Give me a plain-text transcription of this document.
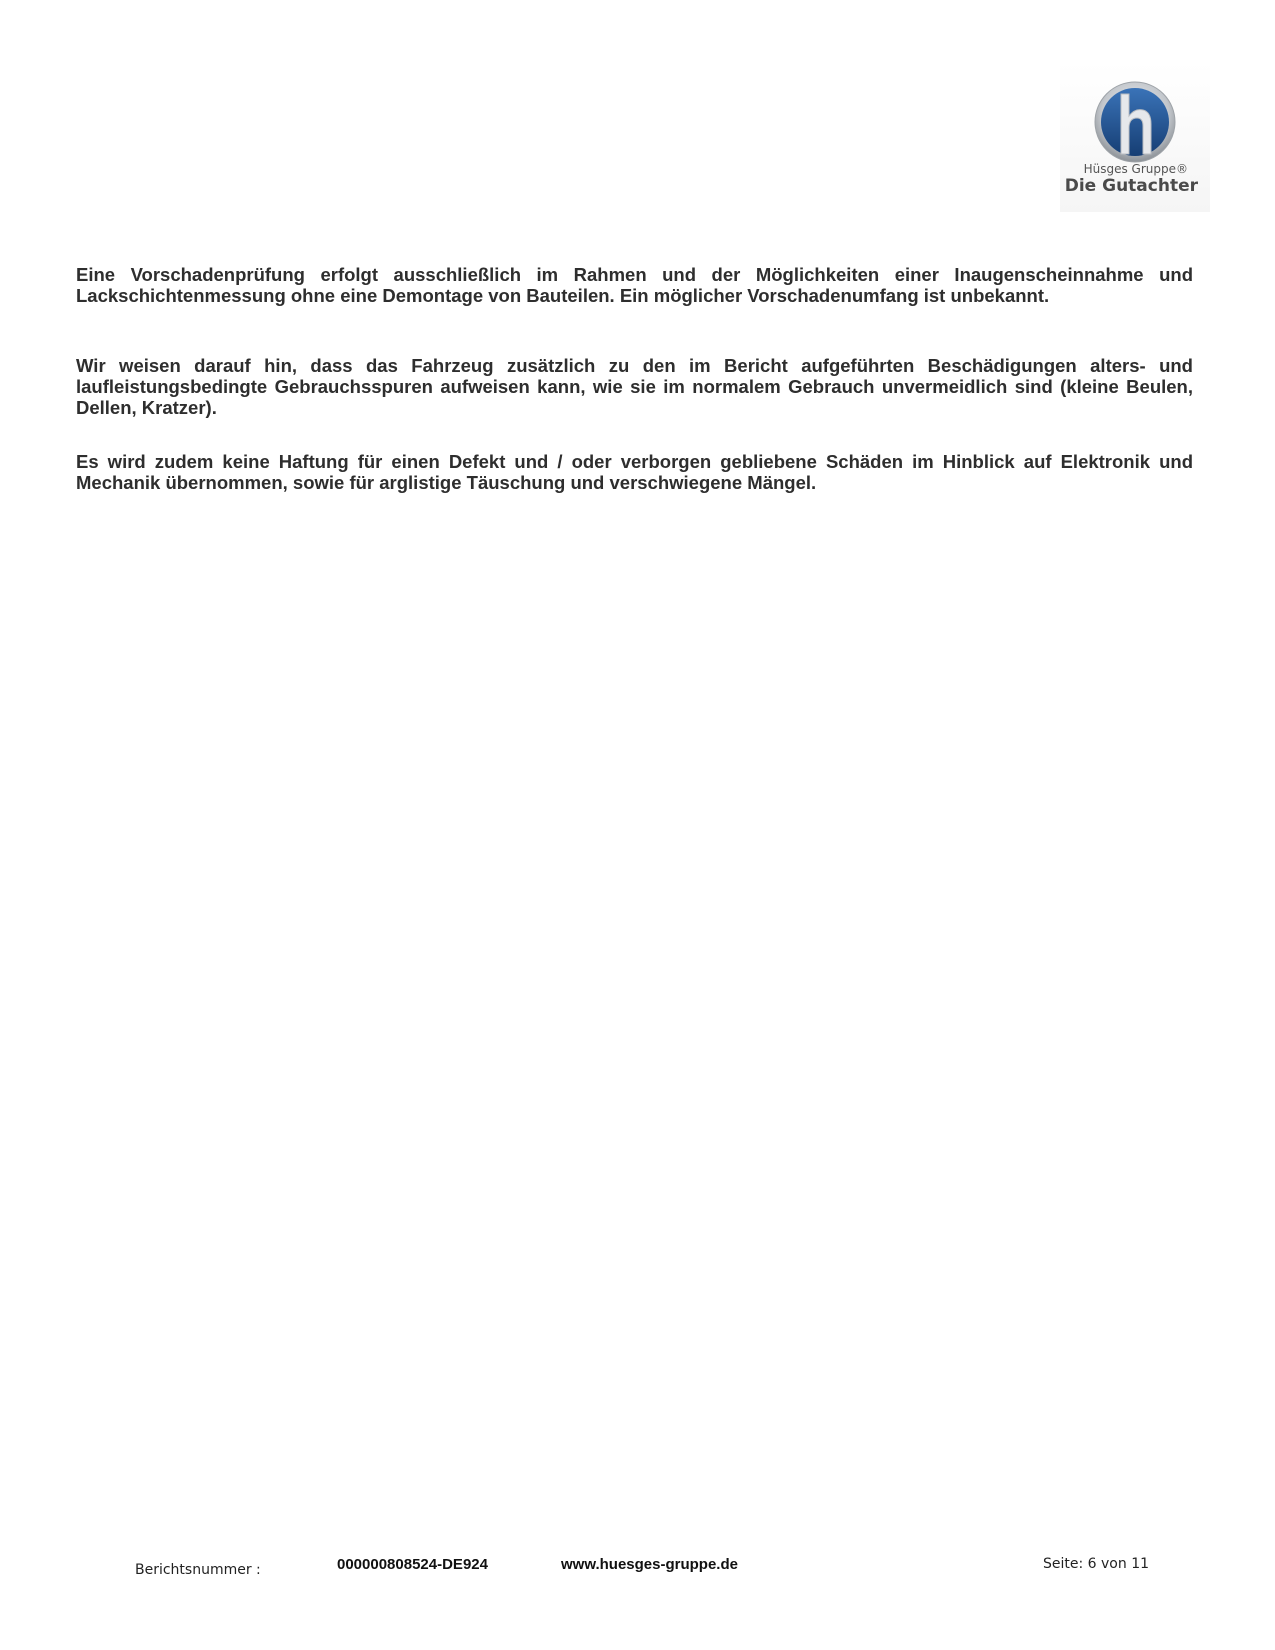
Hüsges Gruppe®
Die Gutachter

Eine Vorschadenprüfung erfolgt ausschließlich im Rahmen und der Möglichkeiten einer Inaugenscheinnahme und Lackschichtenmessung ohne eine Demontage von Bauteilen. Ein möglicher Vorschadenumfang ist unbekannt.

Wir weisen darauf hin, dass das Fahrzeug zusätzlich zu den im Bericht aufgeführten Beschädigungen alters- und laufleistungsbedingte Gebrauchsspuren aufweisen kann, wie sie im normalem Gebrauch unvermeidlich sind (kleine Beulen, Dellen, Kratzer).

Es wird zudem keine Haftung für einen Defekt und / oder verborgen gebliebene Schäden im Hinblick auf Elektronik und Mechanik übernommen, sowie für arglistige Täuschung und verschwiegene Mängel.

Berichtsnummer :	000000808524-DE924	www.huesges-gruppe.de	Seite: 6 von 11
